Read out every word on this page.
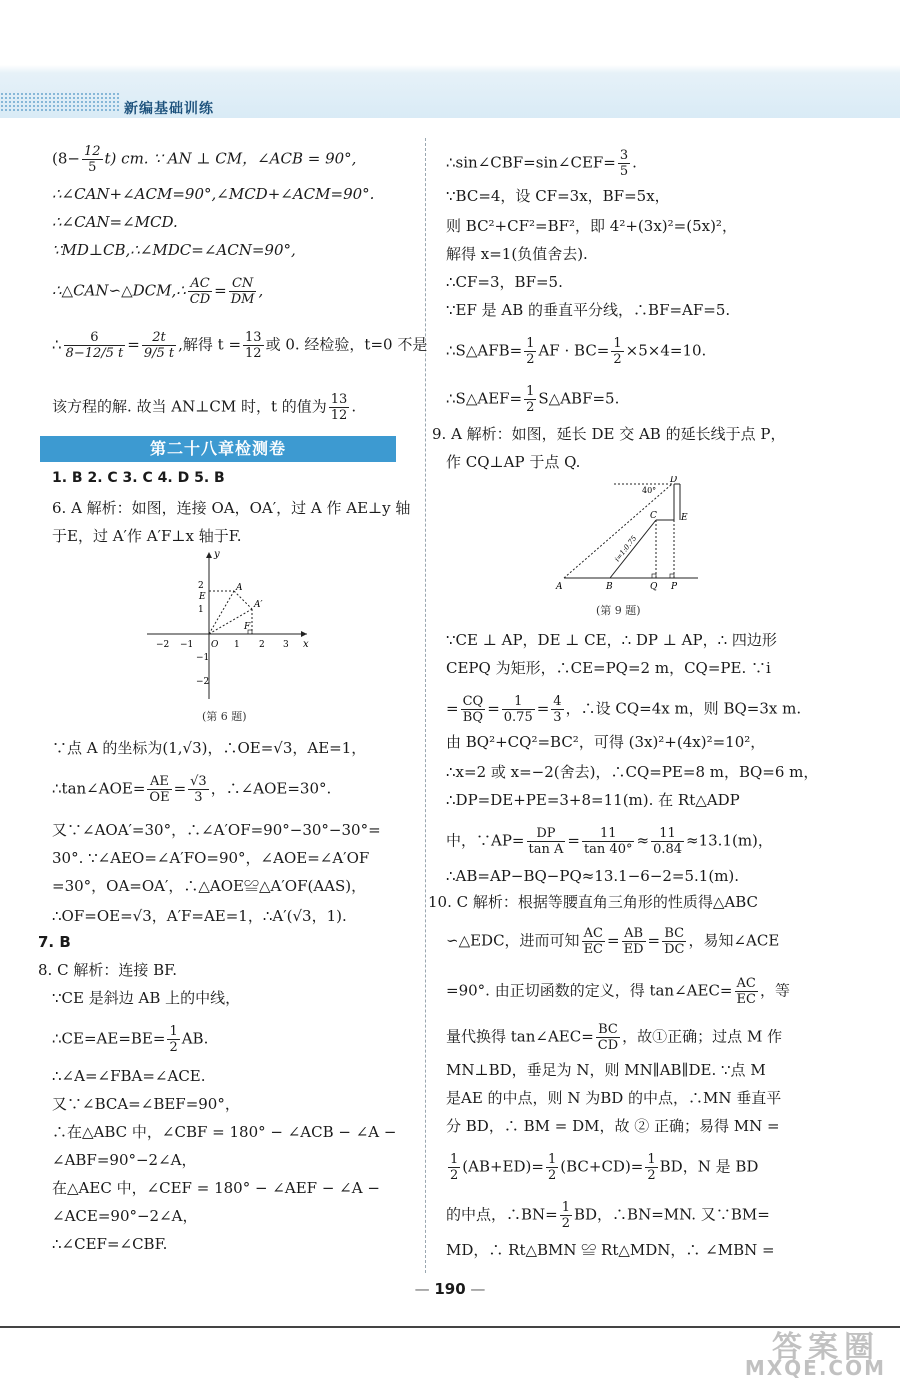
新编基础训练
$(8- \frac{12}{5} t)$ cm. ∵ AN ⊥ CM，∠ACB = 90°,
∴∠CAN+∠ACM=90°,∠MCD+∠ACM=90°.
∴∠CAN=∠MCD.
∵MD⊥CB,∴∠MDC=∠ACN=90°,
∴△CAN∽△DCM,∴ $\frac{AC}{CD} = \frac{CN}{DM}$ ,
∴ $\frac{6}{8-12/5 t} = \frac{2t}{9/5 t}$ ,解得 $t = \frac{13}{12}$ 或 0. 经检验，t=0 不是
该方程的解. 故当 AN⊥CM 时，t 的值为 $\frac{13}{12}$ .
第二十八章检测卷
1. B 2. C 3. C 4. D 5. B
6. A 解析：如图，连接 OA，OA′，过 A 作 AE⊥y 轴
于E，过 A′作 A′F⊥x 轴于F.
x
y
−2 −1 O 1 2 3
2
1
−1
−2
A
E
A′
F
(第 6 题)
∵点 A 的坐标为(1,√3)，∴OE=√3，AE=1，
∴tan∠AOE= $\frac{AE}{OE} = \frac{√3}{3}$ ，∴∠AOE=30°.
又∵∠AOA′=30°，∴∠A′OF=90°−30°−30°=
30°. ∵∠AEO=∠A′FO=90°，∠AOE=∠A′OF
=30°，OA=OA′，∴△AOE≌△A′OF(AAS)，
∴OF=OE=√3，A′F=AE=1，∴A′(√3，1).
7. B
8. C 解析：连接 BF.
∵CE 是斜边 AB 上的中线，
∴CE=AE=BE= $\frac{1}{2}$ AB.
∴∠A=∠FBA=∠ACE.
又∵∠BCA=∠BEF=90°，
∴在△ABC 中，∠CBF = 180° − ∠ACB − ∠A −
∠ABF=90°−2∠A，
在△AEC 中，∠CEF = 180° − ∠AEF − ∠A −
∠ACE=90°−2∠A，
∴∠CEF=∠CBF.
∴sin∠CBF=sin∠CEF= $\frac{3}{5}$ .
∵BC=4，设 CF=3x，BF=5x，
则 BC²+CF²=BF²，即 4²+(3x)²=(5x)²，
解得 x=1(负值舍去).
∴CF=3，BF=5.
∵EF 是 AB 的垂直平分线，∴BF=AF=5.
∴S△AFB= $\frac{1}{2}$ AF · $BC= \frac{1}{2} \times 5\times 4=10$.
∴S△AEF= $\frac{1}{2}$ S△ABF=5.
9. A 解析：如图，延长 DE 交 AB 的延长线于点 P，
作 CQ⊥AP 于点 Q.
D
40°
C	E
A	B	Q P
i=1:0.75
(第 9 题)
∵CE ⊥ AP，DE ⊥ CE，∴ DP ⊥ AP，∴ 四边形
CEPQ 为矩形，∴CE=PQ=2 m，CQ=PE. ∵i
= $\frac{CQ}{BQ} = \frac{1}{0.75} = \frac{4}{3}$ ，∴设 CQ=4x m，则 BQ=3x m.
由 BQ²+CQ²=BC²，可得 (3x)²+(4x)²=10²，
∴x=2 或 x=−2(舍去)，∴CQ=PE=8 m，BQ=6 m，
∴DP=DE+PE=3+8=11(m). 在 Rt△ADP
中，∵AP= $\frac{DP}{\text{tan A}} = \frac{11}{\tan 40^\circ} \approx \frac{11}{0.84} \approx 13.1(m)$，
∴AB=AP−BQ−PQ≈13.1−6−2=5.1(m).
10. C 解析：根据等腰直角三角形的性质得△ABC
∽△EDC，进而可知 $\frac{AC}{EC} = \frac{AB}{ED} = \frac{BC}{DC}$ ，易知∠ACE
=90°. 由正切函数的定义，得 tan∠AEC= $\frac{AC}{EC}$ ，等
量代换得 tan∠AEC= $\frac{BC}{CD}$ ，故①正确；过点 M 作
MN⊥BD，垂足为 N，则 MN∥AB∥DE. ∵点 M
是AE 的中点，则 N 为BD 的中点，∴MN 垂直平
分 BD，∴ BM = DM，故 ② 正确；易得 MN =
$\frac{1}{2} (AB+ED)= \frac{1}{2} (BC+CD)= \frac{1}{2}$ BD，N 是 BD
的中点，∴BN= $\frac{1}{2}$ BD，∴BN=MN. 又∵BM=
MD，∴ Rt△BMN ≌ Rt△MDN，∴ ∠MBN =
— 190 —
答案圈
MXQE.COM
